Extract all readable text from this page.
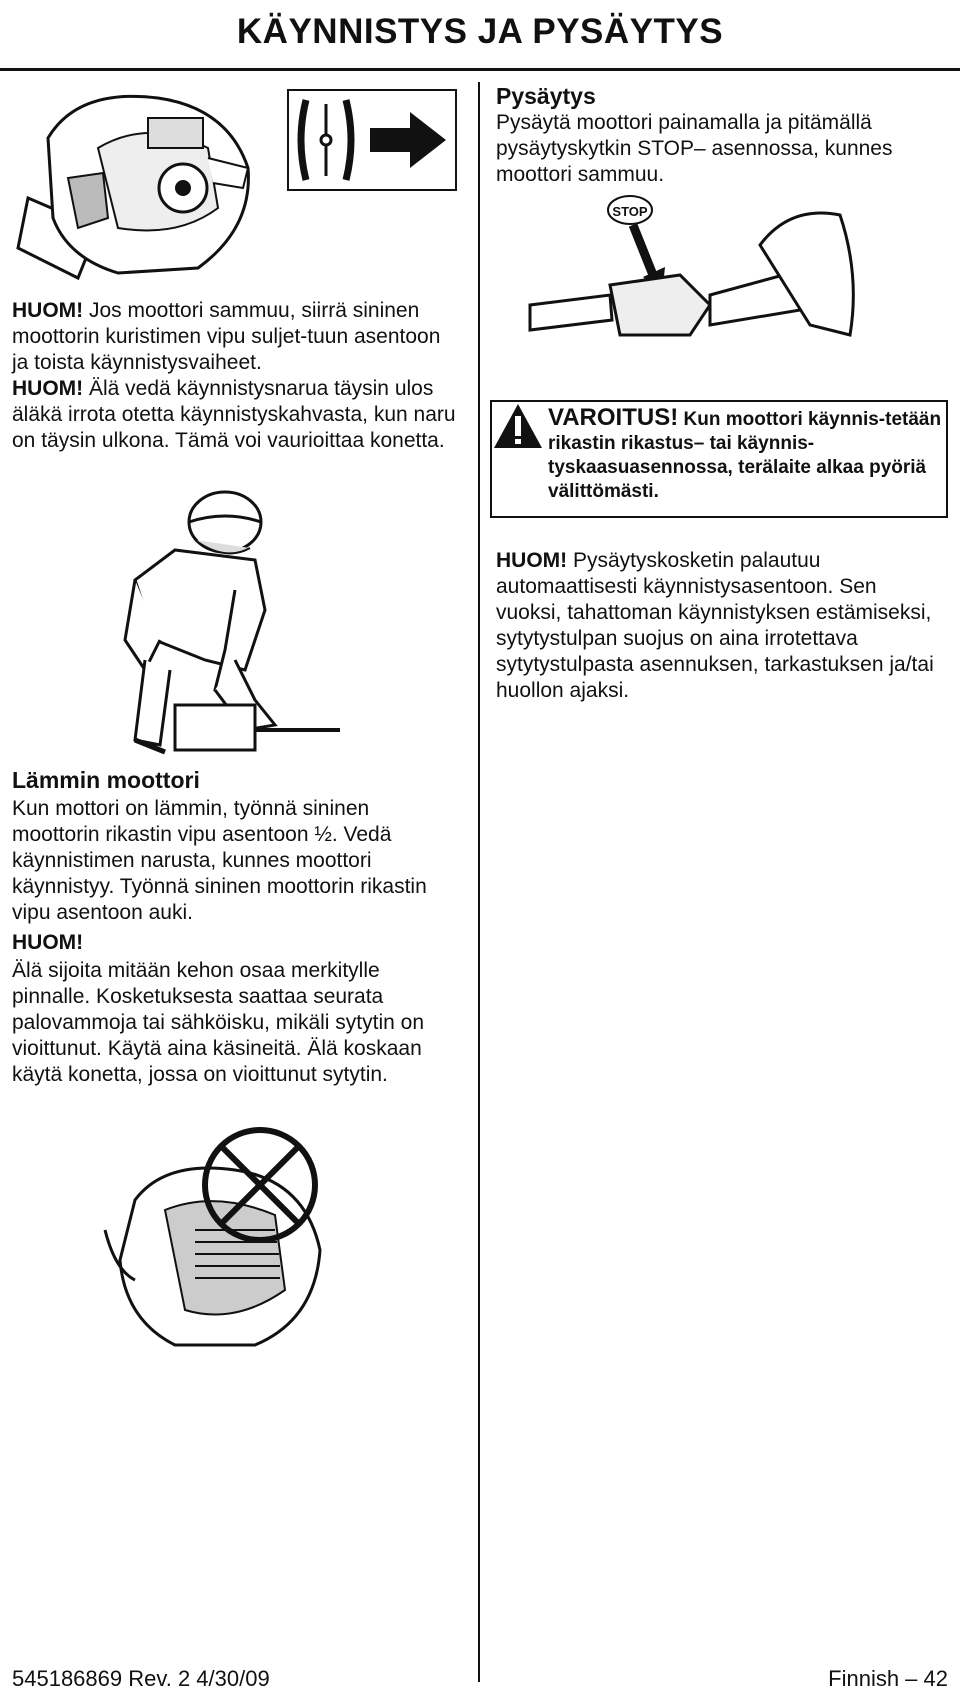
KÄYNNISTYS JA PYSÄYTYS
HUOM! Jos moottori sammuu, siirrä sininen moottorin kuristimen vipu suljet-tuun asentoon ja toista käynnistysvaiheet.
HUOM! Älä vedä käynnistysnarua täysin ulos äläkä irrota otetta käynnistyskahvasta, kun naru on täysin ulkona. Tämä voi vaurioittaa konetta.
Lämmin moottori
Kun mottori on lämmin, työnnä sininen moottorin rikastin vipu asentoon ½. Vedä käynnistimen narusta, kunnes moottori käynnistyy. Työnnä sininen moottorin rikastin vipu asentoon auki.
HUOM!
Älä sijoita mitään kehon osaa merkitylle pinnalle. Kosketuksesta saattaa seurata palovammoja tai sähköisku, mikäli sytytin on vioittunut. Käytä aina käsineitä. Älä koskaan käytä konetta, jossa on vioittunut sytytin.
Pysäytys
Pysäytä moottori painamalla ja pitämällä pysäytyskytkin STOP– asennossa, kunnes moottori sammuu.
STOP
VAROITUS! Kun moottori käynnis-tetään rikastin rikastus– tai käynnis-tyskaasuasennossa, terälaite alkaa pyöriä välittömästi.
HUOM! Pysäytyskosketin palautuu automaattisesti käynnistysasentoon. Sen vuoksi, tahattoman käynnistyksen estämiseksi, sytytystulpan suojus on aina irrotettava sytytystulpasta asennuksen, tarkastuksen ja/tai huollon ajaksi.
545186869 Rev. 2 4/30/09	Finnish – 42
